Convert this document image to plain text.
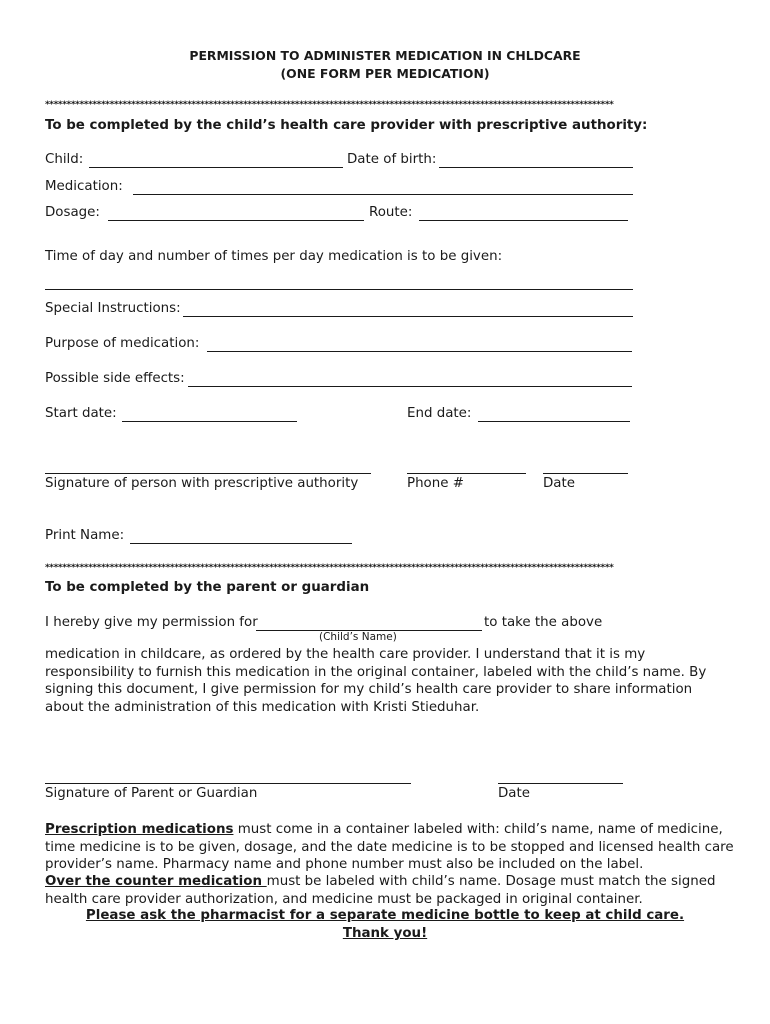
PERMISSION TO ADMINISTER MEDICATION IN CHLDCARE
(ONE FORM PER MEDICATION)
************************************************************************************************************************************
To be completed by the child’s health care provider with prescriptive authority:
Child:	Date of birth:
Medication:
Dosage:	Route:
Time of day and number of times per day medication is to be given:
Special Instructions:
Purpose of medication:
Possible side effects:
Start date:	End date:
Signature of person with prescriptive authority	Phone #	Date
Print Name:
************************************************************************************************************************************
To be completed by the parent or guardian
I hereby give my permission for	to take the above
(Child’s Name)
medication in childcare, as ordered by the health care provider. I understand that it is my responsibility to furnish this medication in the original container, labeled with the child’s name. By signing this document, I give permission for my child’s health care provider to share information about the administration of this medication with Kristi Stieduhar.
Signature of Parent or Guardian	Date
Prescription medications must come in a container labeled with: child’s name, name of medicine, time medicine is to be given, dosage, and the date medicine is to be stopped and licensed health care provider’s name. Pharmacy name and phone number must also be included on the label.
Over the counter medication must be labeled with child’s name. Dosage must match the signed health care provider authorization, and medicine must be packaged in original container.
Please ask the pharmacist for a separate medicine bottle to keep at child care.
Thank you!
